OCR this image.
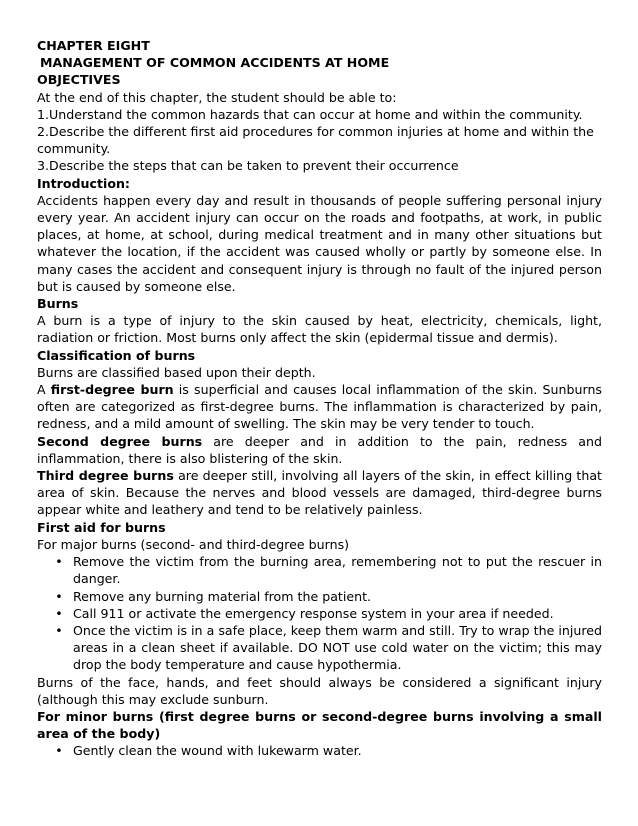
CHAPTER EIGHT

MANAGEMENT OF COMMON ACCIDENTS AT HOME

OBJECTIVES

At the end of this chapter, the student should be able to:

1.Understand the common hazards that can occur at home and within the community.

2.Describe the different first aid procedures for common injuries at home and within the community.

3.Describe the steps that can be taken to prevent their occurrence

Introduction:

Accidents happen every day and result in thousands of people suffering personal injury every year. An accident injury can occur on the roads and footpaths, at work, in public places, at home, at school, during medical treatment and in many other situations but whatever the location, if the accident was caused wholly or partly by someone else. In many cases the accident and consequent injury is through no fault of the injured person but is caused by someone else.

Burns

A burn is a type of injury to the skin caused by heat, electricity, chemicals, light, radiation or friction. Most burns only affect the skin (epidermal tissue and dermis).

Classification of burns

Burns are classified based upon their depth.

A first-degree burn is superficial and causes local inflammation of the skin. Sunburns often are categorized as first-degree burns. The inflammation is characterized by pain, redness, and a mild amount of swelling. The skin may be very tender to touch.

Second degree burns are deeper and in addition to the pain, redness and inflammation, there is also blistering of the skin.

Third degree burns are deeper still, involving all layers of the skin, in effect killing that area of skin. Because the nerves and blood vessels are damaged, third-degree burns appear white and leathery and tend to be relatively painless.

First aid for burns

For major burns (second- and third-degree burns)

• Remove the victim from the burning area, remembering not to put the rescuer in danger.
• Remove any burning material from the patient.
• Call 911 or activate the emergency response system in your area if needed.
• Once the victim is in a safe place, keep them warm and still. Try to wrap the injured areas in a clean sheet if available. DO NOT use cold water on the victim; this may drop the body temperature and cause hypothermia.

Burns of the face, hands, and feet should always be considered a significant injury (although this may exclude sunburn.

For minor burns (first degree burns or second-degree burns involving a small area of the body)

• Gently clean the wound with lukewarm water.
